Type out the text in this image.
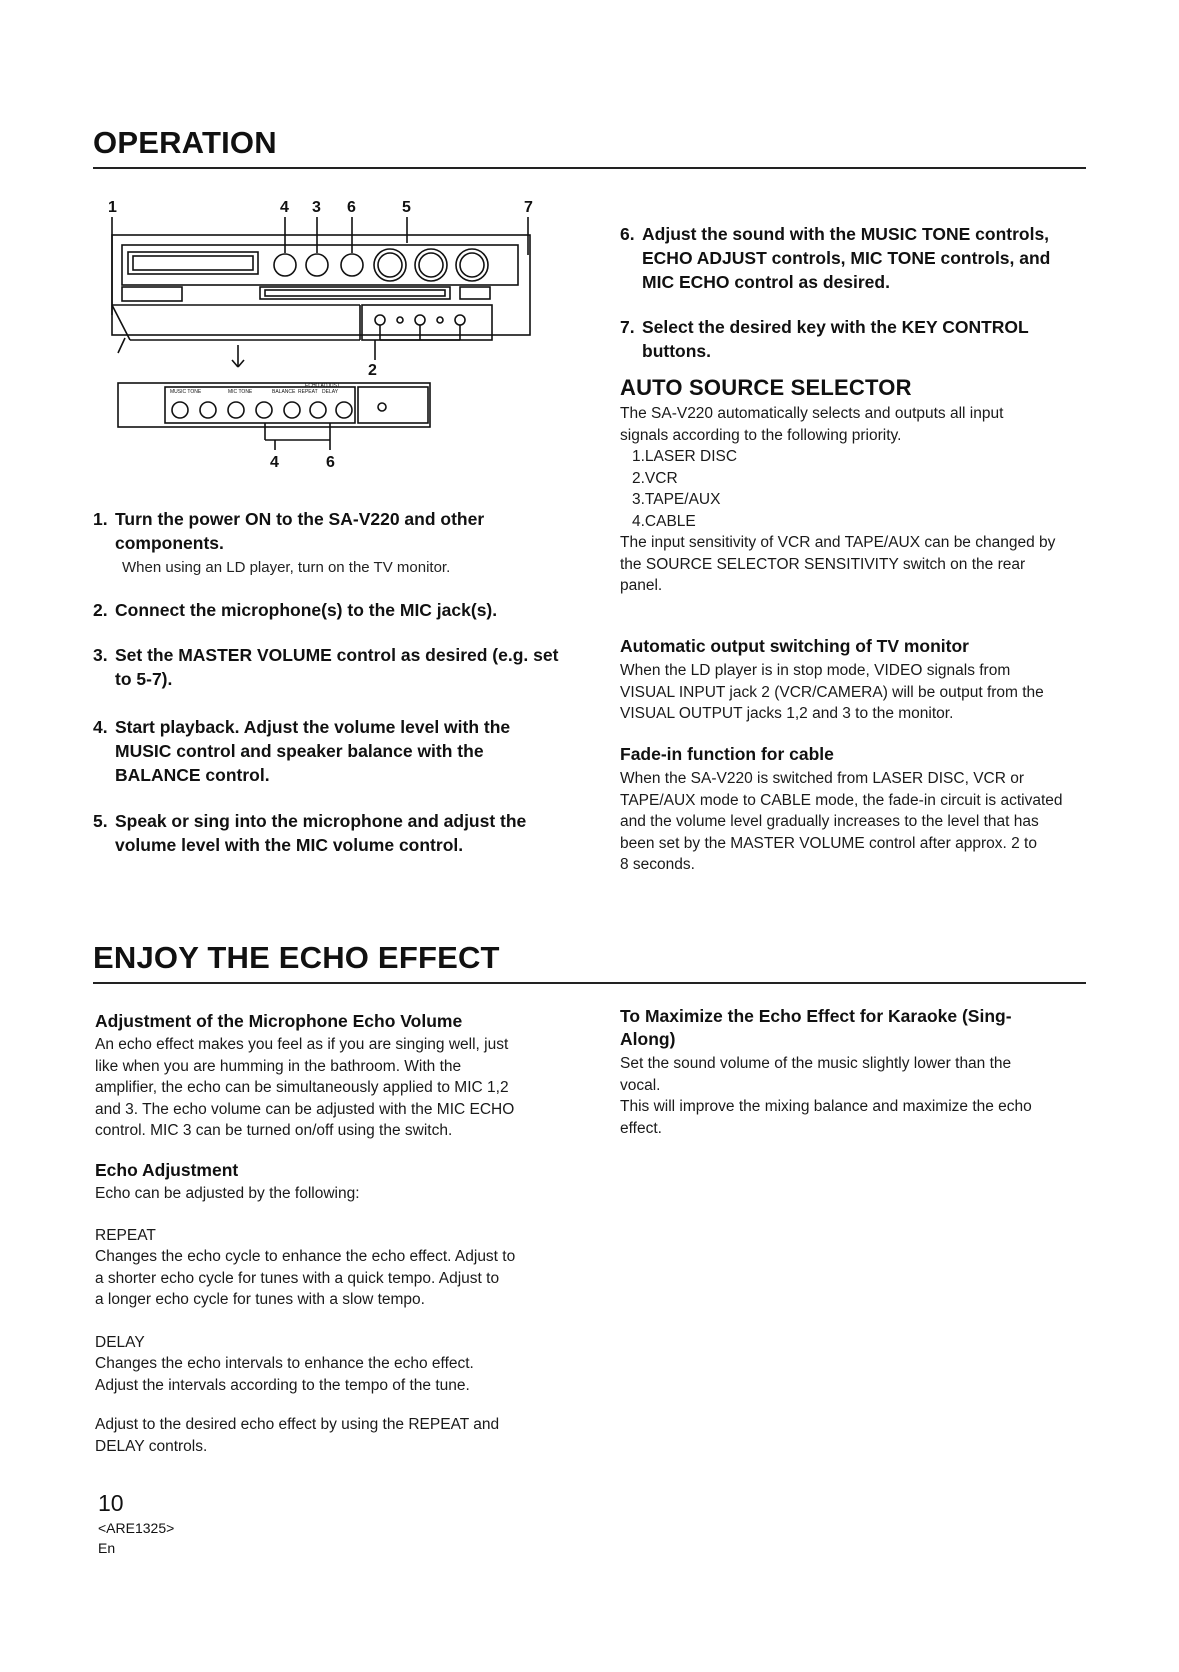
OPERATION
1	4 3 6	5	7
2
MUSIC TONE	MIC TONE	BALANCE REPEAT DELAY
ECHO ADJUST
4	6
1. Turn the power ON to the SA-V220 and other
components.
When using an LD player, turn on the TV monitor.
2. Connect the microphone(s) to the MIC jack(s).
3. Set the MASTER VOLUME control as desired (e.g. set
to 5-7).
4. Start playback. Adjust the volume level with the
MUSIC control and speaker balance with the
BALANCE control.
5. Speak or sing into the microphone and adjust the
volume level with the MIC volume control.
6. Adjust the sound with the MUSIC TONE controls,
ECHO ADJUST controls, MIC TONE controls, and
MIC ECHO control as desired.
7. Select the desired key with the KEY CONTROL
buttons.
AUTO SOURCE SELECTOR
The SA-V220 automatically selects and outputs all input
signals according to the following priority.
1.LASER DISC
2.VCR
3.TAPE/AUX
4.CABLE
The input sensitivity of VCR and TAPE/AUX can be changed by
the SOURCE SELECTOR SENSITIVITY switch on the rear
panel.
Automatic output switching of TV monitor
When the LD player is in stop mode, VIDEO signals from
VISUAL INPUT jack 2 (VCR/CAMERA) will be output from the
VISUAL OUTPUT jacks 1,2 and 3 to the monitor.
Fade-in function for cable
When the SA-V220 is switched from LASER DISC, VCR or
TAPE/AUX mode to CABLE mode, the fade-in circuit is activated
and the volume level gradually increases to the level that has
been set by the MASTER VOLUME control after approx. 2 to
8 seconds.
ENJOY THE ECHO EFFECT
Adjustment of the Microphone Echo Volume
An echo effect makes you feel as if you are singing well, just
like when you are humming in the bathroom. With the
amplifier, the echo can be simultaneously applied to MIC 1,2
and 3. The echo volume can be adjusted with the MIC ECHO
control. MIC 3 can be turned on/off using the switch.
Echo Adjustment
Echo can be adjusted by the following:
REPEAT
Changes the echo cycle to enhance the echo effect. Adjust to
a shorter echo cycle for tunes with a quick tempo. Adjust to
a longer echo cycle for tunes with a slow tempo.
DELAY
Changes the echo intervals to enhance the echo effect.
Adjust the intervals according to the tempo of the tune.
Adjust to the desired echo effect by using the REPEAT and
DELAY controls.
To Maximize the Echo Effect for Karaoke (Sing-
Along)
Set the sound volume of the music slightly lower than the
vocal.
This will improve the mixing balance and maximize the echo
effect.
10
<ARE1325>
En
